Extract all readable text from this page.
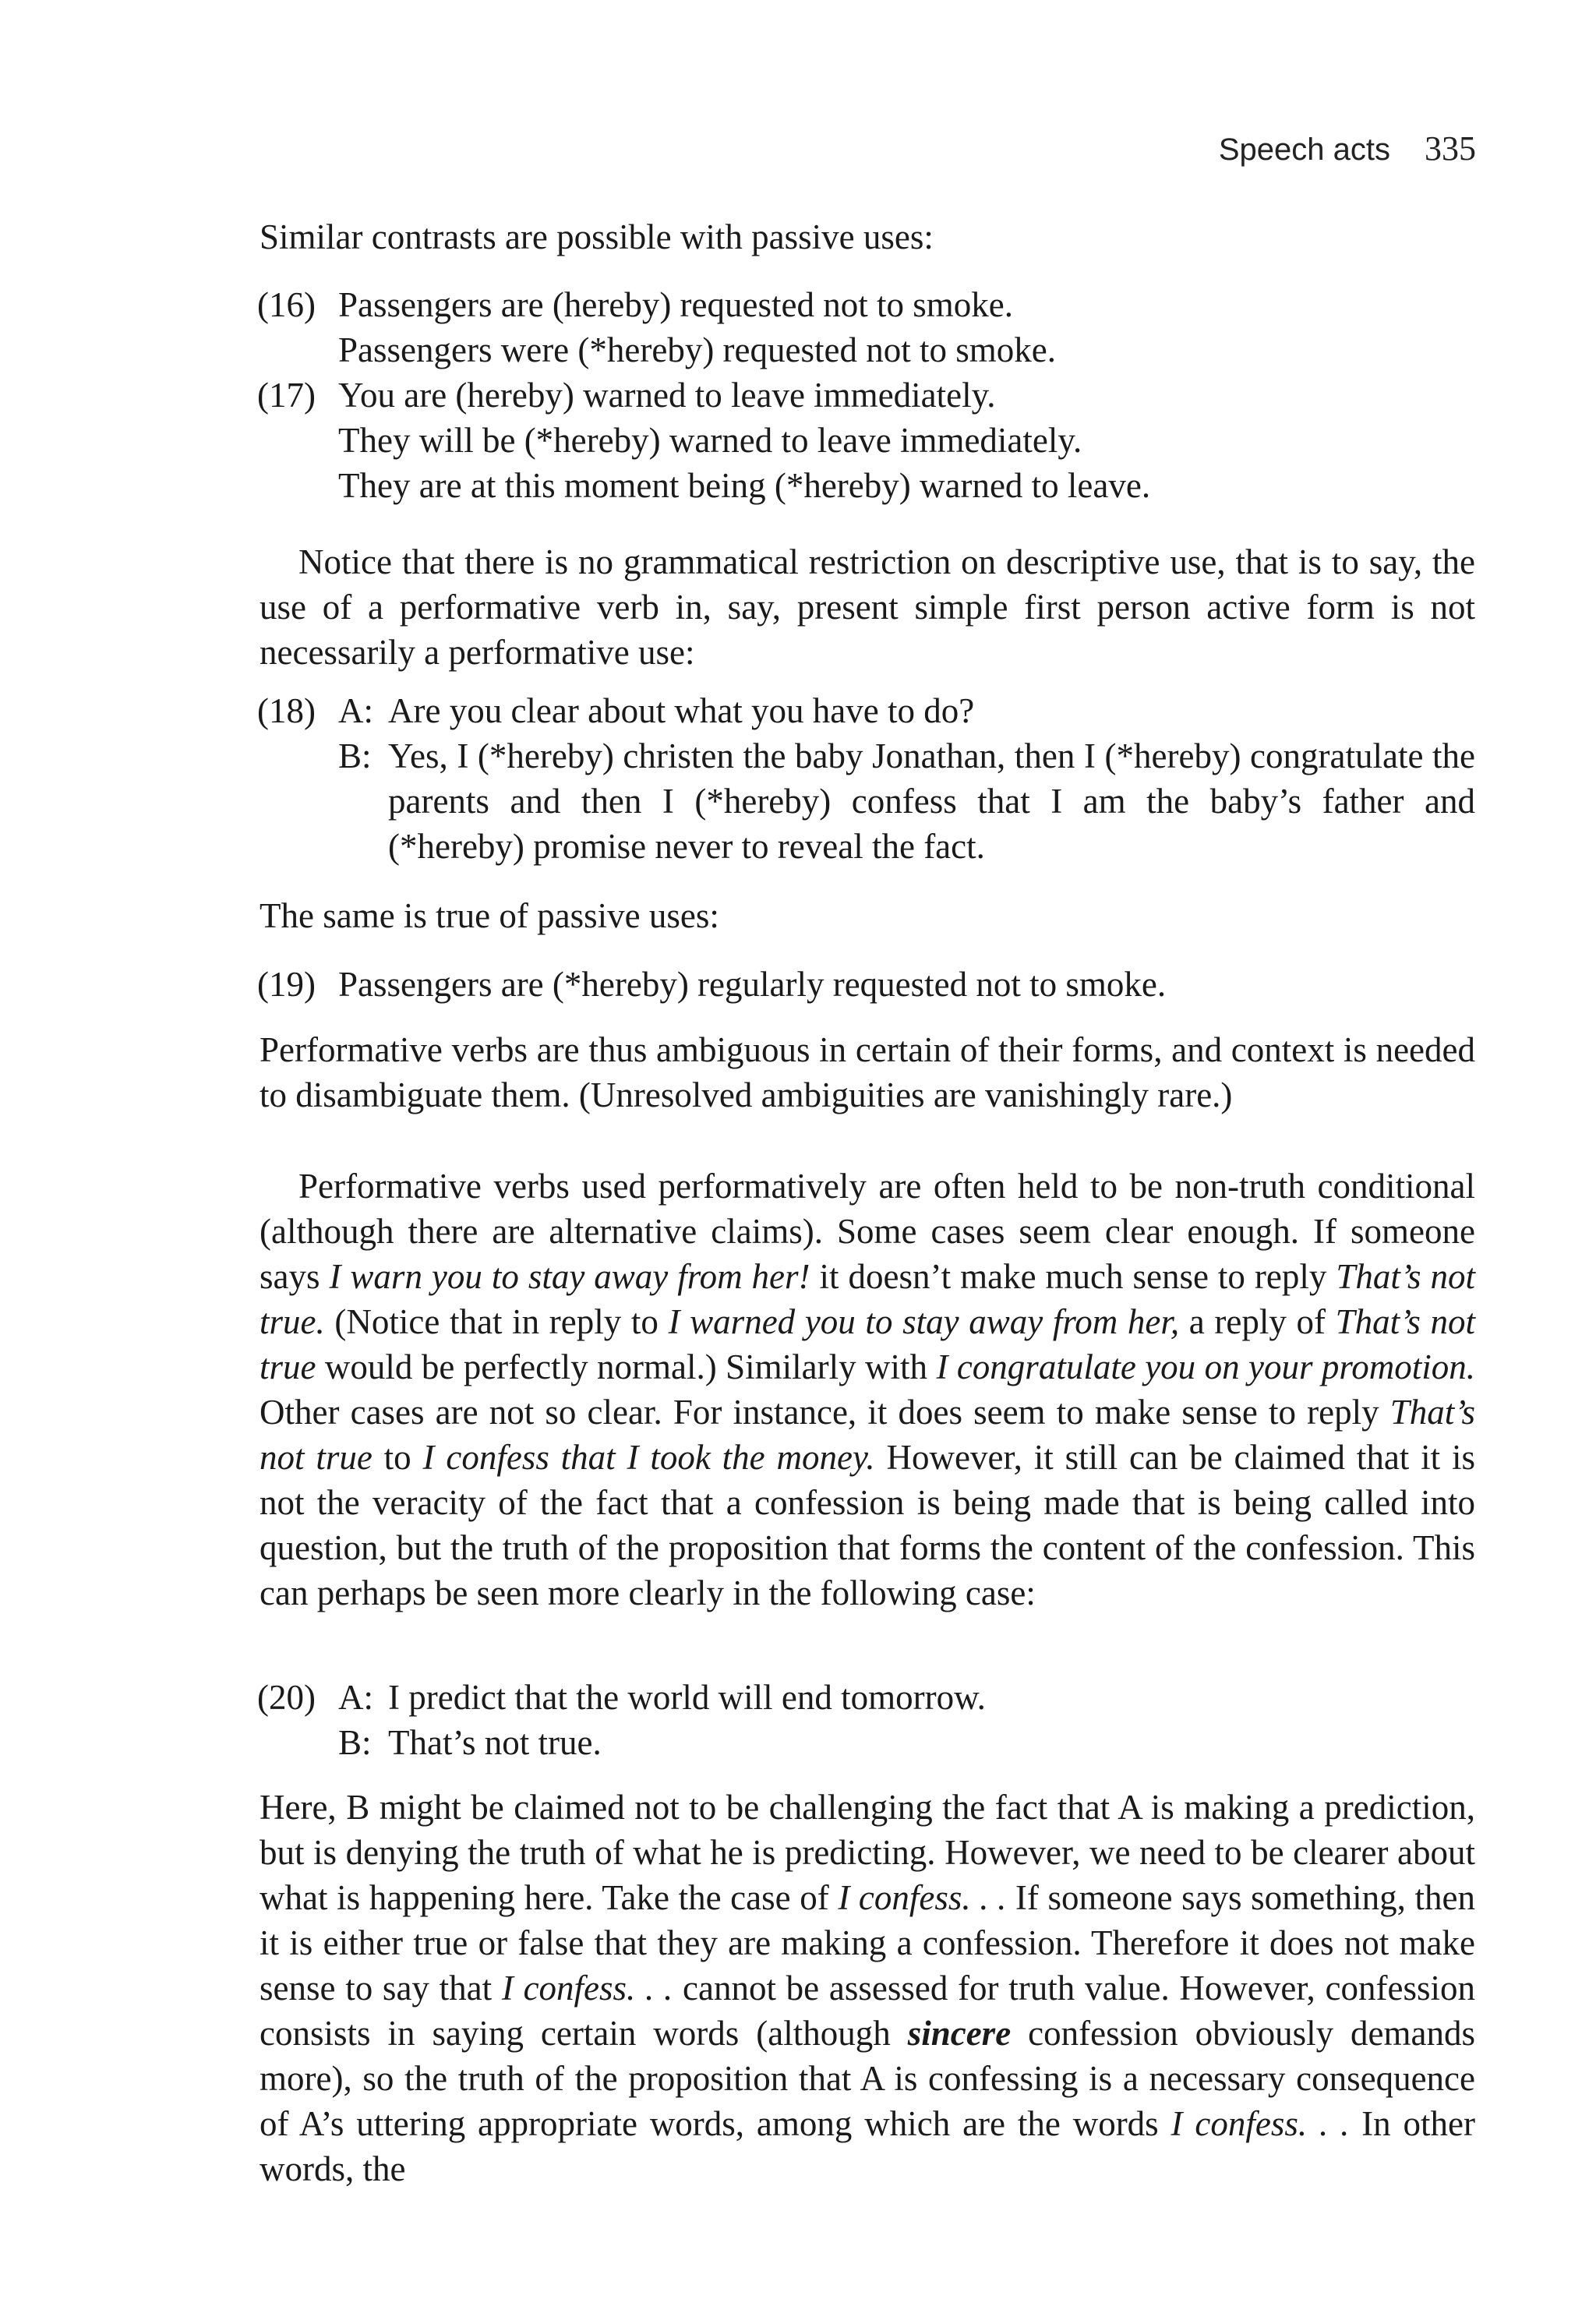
Speech acts 335

Similar contrasts are possible with passive uses:

(16) Passengers are (hereby) requested not to smoke.
Passengers were (*hereby) requested not to smoke.
(17) You are (hereby) warned to leave immediately.
They will be (*hereby) warned to leave immediately.
They are at this moment being (*hereby) warned to leave.

Notice that there is no grammatical restriction on descriptive use, that is to say, the use of a performative verb in, say, present simple first person active form is not necessarily a performative use:

(18) A: Are you clear about what you have to do?
B: Yes, I (*hereby) christen the baby Jonathan, then I (*hereby) congratulate the parents and then I (*hereby) confess that I am the baby’s father and (*hereby) promise never to reveal the fact.

The same is true of passive uses:

(19) Passengers are (*hereby) regularly requested not to smoke.

Performative verbs are thus ambiguous in certain of their forms, and context is needed to disambiguate them. (Unresolved ambiguities are vanishingly rare.)

Performative verbs used performatively are often held to be non-truth conditional (although there are alternative claims). Some cases seem clear enough. If someone says I warn you to stay away from her! it doesn’t make much sense to reply That’s not true. (Notice that in reply to I warned you to stay away from her, a reply of That’s not true would be perfectly normal.) Similarly with I congratulate you on your promotion. Other cases are not so clear. For instance, it does seem to make sense to reply That’s not true to I confess that I took the money. However, it still can be claimed that it is not the veracity of the fact that a confession is being made that is being called into question, but the truth of the proposition that forms the content of the confession. This can perhaps be seen more clearly in the following case:

(20) A: I predict that the world will end tomorrow.
B: That’s not true.

Here, B might be claimed not to be challenging the fact that A is making a prediction, but is denying the truth of what he is predicting. However, we need to be clearer about what is happening here. Take the case of I confess. . . If someone says something, then it is either true or false that they are making a confession. Therefore it does not make sense to say that I confess. . . cannot be assessed for truth value. However, confession consists in saying certain words (although sincere confession obviously demands more), so the truth of the proposition that A is confessing is a necessary consequence of A’s uttering appropriate words, among which are the words I confess. . . In other words, the
